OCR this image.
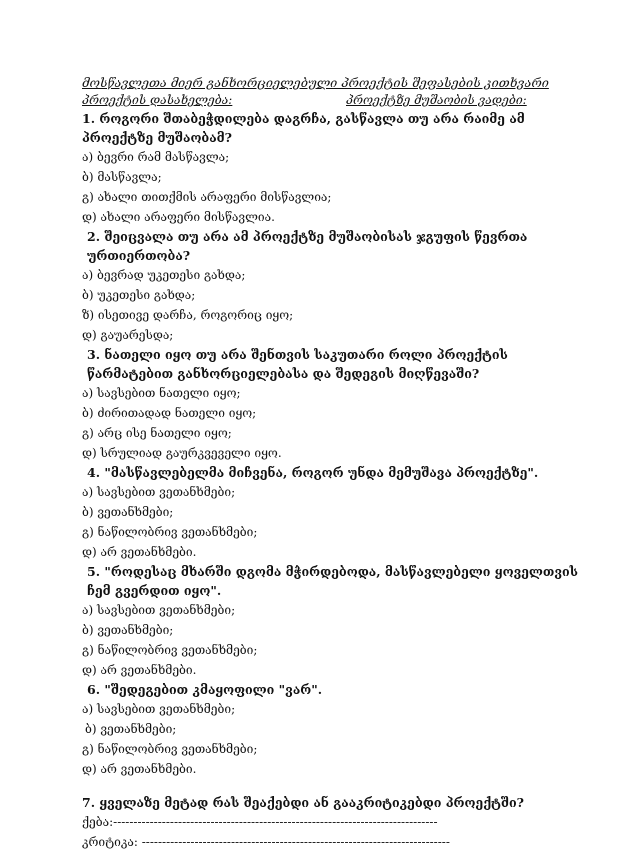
მოსწავლეთა მიერ განხორციელებული პროექტის შეფასების კითხვარი
პროექტის დასახელება:	პროექტზე მუშაობის ვადები:
1. როგორი შთაბეჭდილება დაგრჩა, გასწავლა თუ არა რაიმე ამ პროექტზე მუშაობამ?
ა) ბევრი რამ მასწავლა;
ბ) მასწავლა;
გ) ახალი თითქმის არაფერი მისწავლია;
დ) ახალი არაფერი მისწავლია.
2. შეიცვალა თუ არა ამ პროექტზე მუშაობისას ჯგუფის წევრთა ურთიერთობა?
ა) ბევრად უკეთესი გახდა;
ბ) უკეთესი გახდა;
ზ) ისეთივე დარჩა, როგორიც იყო;
დ) გაუარესდა;
3. ნათელი იყო თუ არა შენთვის საკუთარი როლი პროექტის წარმატებით განხორციელებასა და შედეგის მიღწევაში?
ა) სავსებით ნათელი იყო;
ბ) ძირითადად ნათელი იყო;
გ) არც ისე ნათელი იყო;
დ) სრულიად გაურკვეველი იყო.
4. "მასწავლებელმა მიჩვენა, როგორ უნდა მემუშავა პროექტზე".
ა) სავსებით ვეთანხმები;
ბ) ვეთანხმები;
გ) ნაწილობრივ ვეთანხმები;
დ) არ ვეთანხმები.
5. "როდესაც მხარში დგომა მჭირდებოდა, მასწავლებელი ყოველთვის ჩემ გვერდით იყო".
ა) სავსებით ვეთანხმები;
ბ) ვეთანხმები;
გ) ნაწილობრივ ვეთანხმები;
დ) არ ვეთანხმები.
6. "შედეგებით კმაყოფილი "ვარ".
ა) სავსებით ვეთანხმები;
ბ) ვეთანხმები;
გ) ნაწილობრივ ვეთანხმები;
დ) არ ვეთანხმები.
7. ყველაზე მეტად რას შეაქებდი ან გააკრიტიკებდი პროექტში?
ქება:--------------------------------------------------------------------------------
კრიტიკა: ----------------------------------------------------------------------------
